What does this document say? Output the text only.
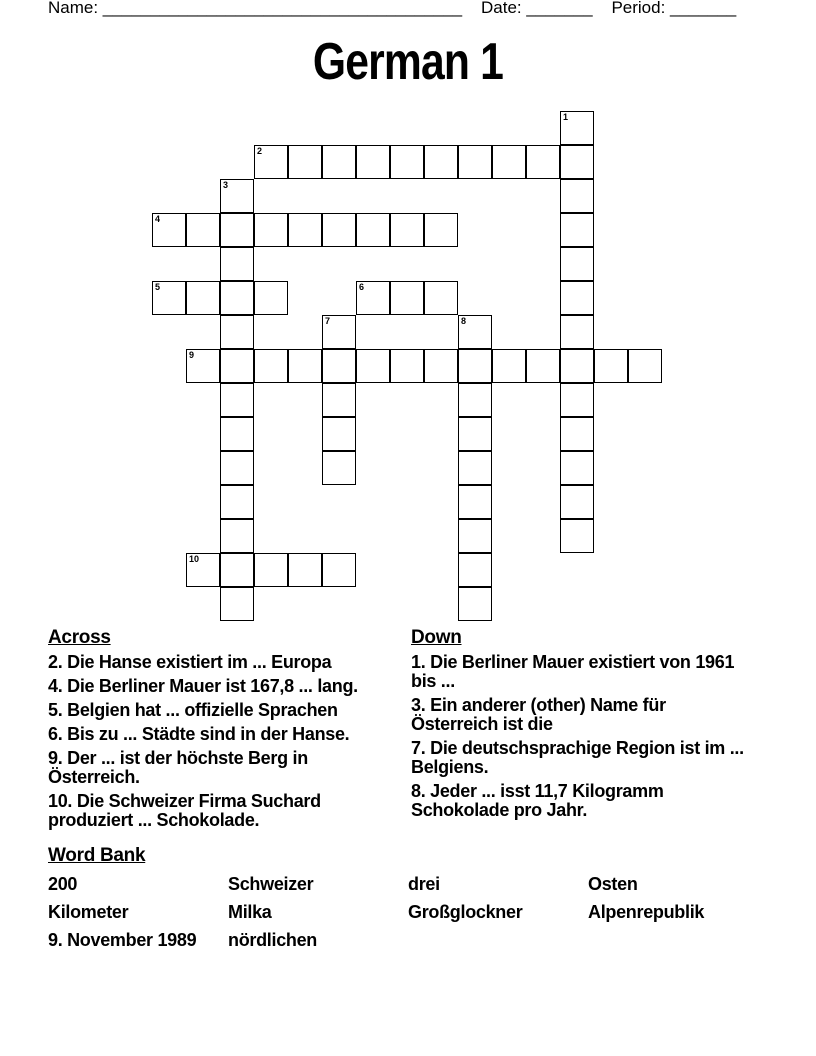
Name: ______________________________________ Date: _______ Period: _______
German 1
1
2
3
4
5	6
7	8
9
10
Across
2. Die Hanse existiert im ... Europa
4. Die Berliner Mauer ist 167,8 ... lang.
5. Belgien hat ... offizielle Sprachen
6. Bis zu ... Städte sind in der Hanse.
9. Der ... ist der höchste Berg in Österreich.
10. Die Schweizer Firma Suchard produziert ... Schokolade.
Down
1. Die Berliner Mauer existiert von 1961 bis ...
3. Ein anderer (other) Name für Österreich ist die
7. Die deutschsprachige Region ist im ... Belgiens.
8. Jeder ... isst 11,7 Kilogramm Schokolade pro Jahr.
Word Bank
200	Schweizer	drei	Osten
Kilometer	Milka	Großglockner	Alpenrepublik
9. November 1989 nördlichen
